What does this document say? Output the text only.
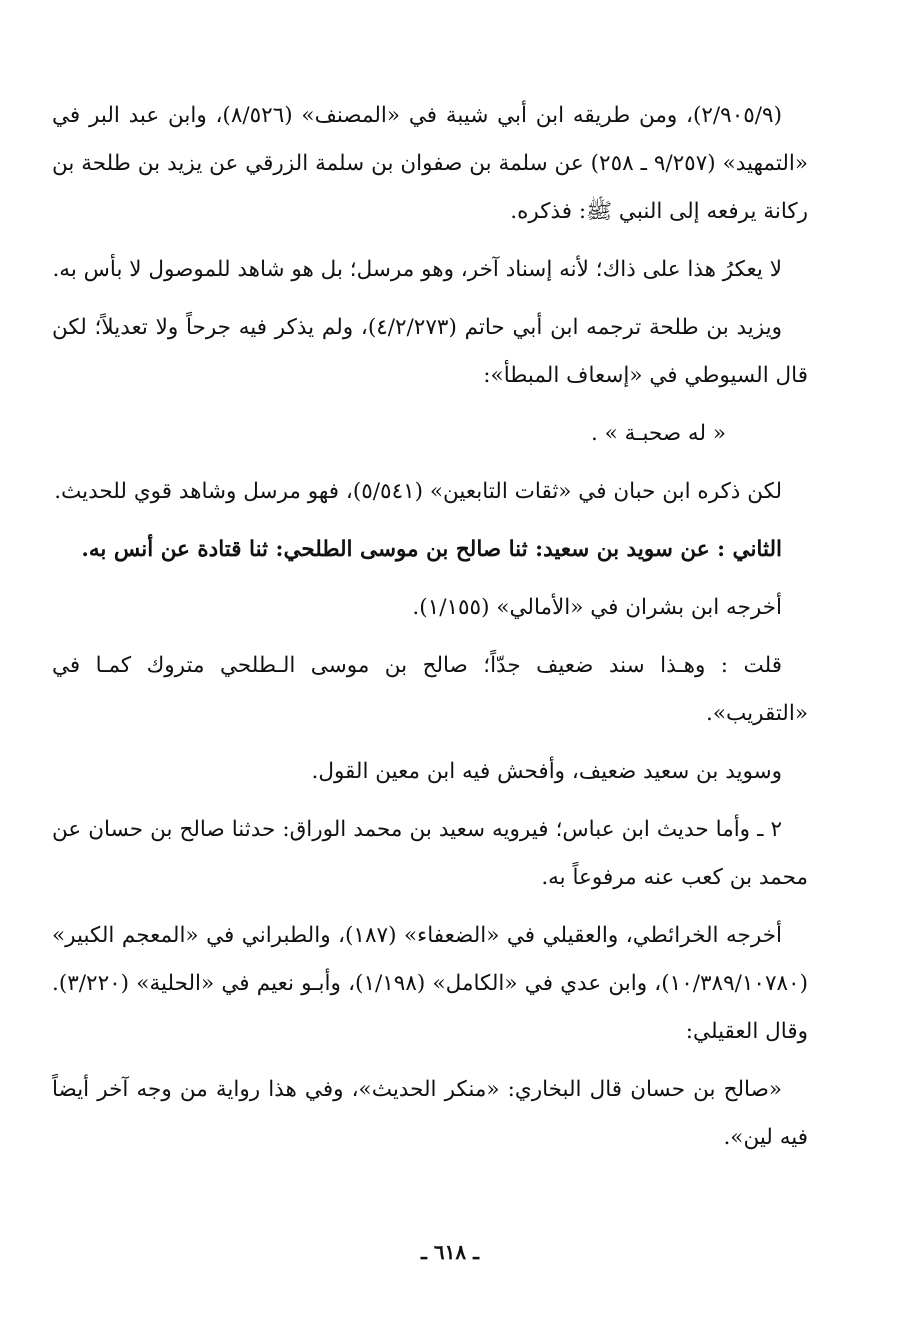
(٢/٩٠٥/٩)، ومن طريقه ابن أبي شيبة في «المصنف» (٨/٥٢٦)، وابن عبد البر في «التمهيد» (٩/٢٥٧ ـ ٢٥٨) عن سلمة بن صفوان بن سلمة الزرقي عن يزيد بن طلحة بن ركانة يرفعه إلى النبي ﷺ: فذكره.

لا يعكرُ هذا على ذاك؛ لأنه إسناد آخر، وهو مرسل؛ بل هو شاهد للموصول لا بأس به.

ويزيد بن طلحة ترجمه ابن أبي حاتم (٤/٢/٢٧٣)، ولم يذكر فيه جرحاً ولا تعديلاً؛ لكن قال السيوطي في «إسعاف المبطأ»:

« له صحبـة » .

لكن ذكره ابن حبان في «ثقات التابعين» (٥/٥٤١)، فهو مرسل وشاهد قوي للحديث.

الثاني : عن سويد بن سعيد: ثنا صالح بن موسى الطلحي: ثنا قتادة عن أنس به.

أخرجه ابن بشران في «الأمالي» (١/١٥٥).

قلت : وهـذا سند ضعيف جدّاً؛ صالح بن موسى الـطلحي متروك كمـا في «التقريب».

وسويد بن سعيد ضعيف، وأفحش فيه ابن معين القول.

٢ ـ وأما حديث ابن عباس؛ فيرويه سعيد بن محمد الوراق: حدثنا صالح بن حسان عن محمد بن كعب عنه مرفوعاً به.

أخرجه الخرائطي، والعقيلي في «الضعفاء» (١٨٧)، والطبراني في «المعجم الكبير» (١٠/٣٨٩/١٠٧٨٠)، وابن عدي في «الكامل» (١/١٩٨)، وأبـو نعيم في «الحلية» (٣/٢٢٠). وقال العقيلي:

«صالح بن حسان قال البخاري: «منكر الحديث»، وفي هذا رواية من وجه آخر أيضاً فيه لين».

ـ ٦١٨ ـ
